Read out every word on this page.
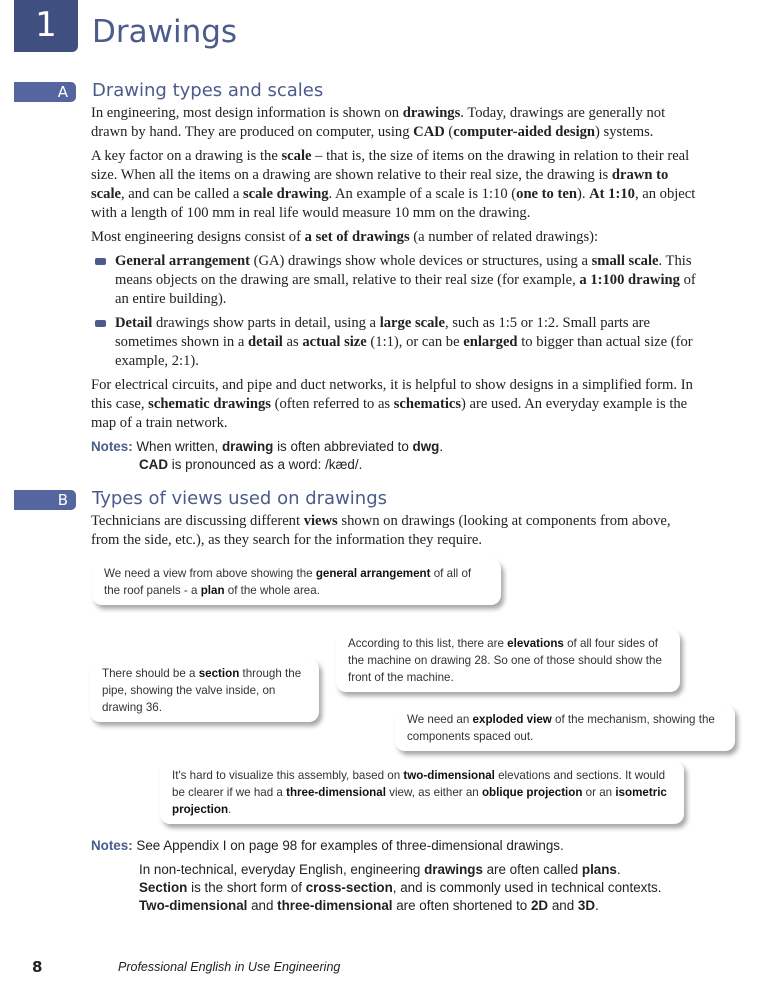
1	Drawings
A	Drawing types and scales

In engineering, most design information is shown on drawings. Today, drawings are generally not drawn by hand. They are produced on computer, using CAD (computer-aided design) systems.

A key factor on a drawing is the scale – that is, the size of items on the drawing in relation to their real size. When all the items on a drawing are shown relative to their real size, the drawing is drawn to scale, and can be called a scale drawing. An example of a scale is 1:10 (one to ten). At 1:10, an object with a length of 100 mm in real life would measure 10 mm on the drawing.

Most engineering designs consist of a set of drawings (a number of related drawings):

General arrangement (GA) drawings show whole devices or structures, using a small scale. This means objects on the drawing are small, relative to their real size (for example, a 1:100 drawing of an entire building).
Detail drawings show parts in detail, using a large scale, such as 1:5 or 1:2. Small parts are sometimes shown in a detail as actual size (1:1), or can be enlarged to bigger than actual size (for example, 2:1).

For electrical circuits, and pipe and duct networks, it is helpful to show designs in a simplified form. In this case, schematic drawings (often referred to as schematics) are used. An everyday example is the map of a train network.

Notes: When written, drawing is often abbreviated to dwg.
CAD is pronounced as a word: /kæd/.
B	Types of views used on drawings

Technicians are discussing different views shown on drawings (looking at components from above, from the side, etc.), as they search for the information they require.

We need a view from above showing the general arrangement of all of the roof panels - a plan of the whole area.
According to this list, there are elevations of all four sides of the machine on drawing 28. So one of those should show the front of the machine.
There should be a section through the pipe, showing the valve inside, on drawing 36.
We need an exploded view of the mechanism, showing the components spaced out.
It's hard to visualize this assembly, based on two-dimensional elevations and sections. It would be clearer if we had a three-dimensional view, as either an oblique projection or an isometric projection.
Notes: See Appendix I on page 98 for examples of three-dimensional drawings.
In non-technical, everyday English, engineering drawings are often called plans.
Section is the short form of cross-section, and is commonly used in technical contexts.
Two-dimensional and three-dimensional are often shortened to 2D and 3D.
8	Professional English in Use Engineering
